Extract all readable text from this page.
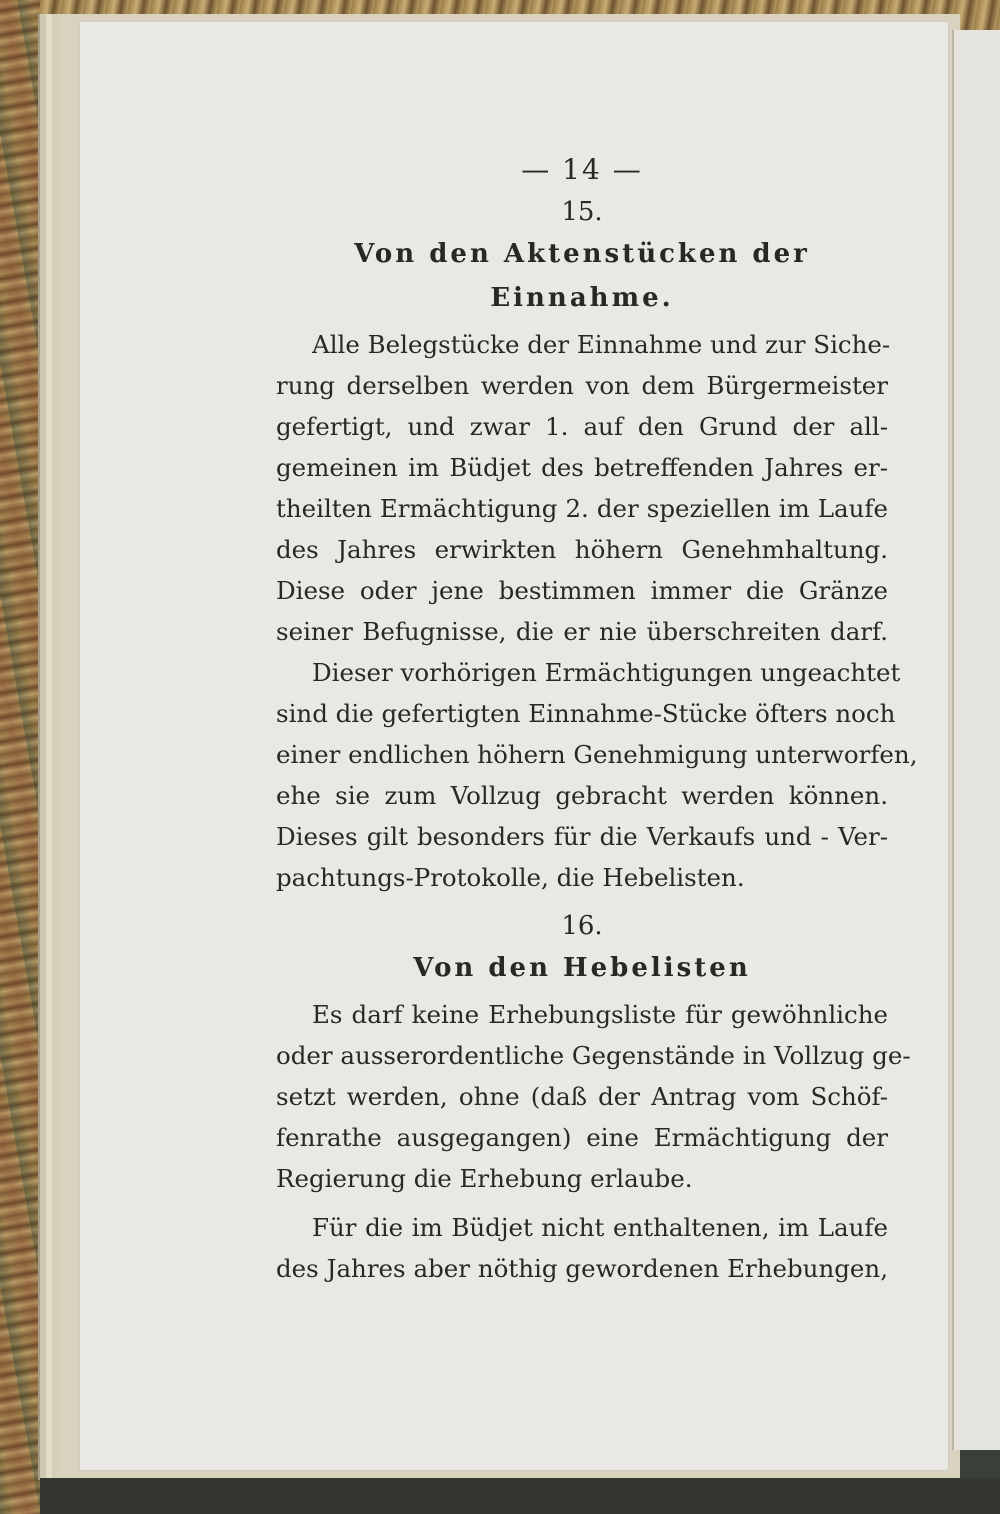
— 14 —
15.
Von den Aktenstücken der Einnahme.
Alle Belegstücke der Einnahme und zur Siche-
rung derselben werden von dem Bürgermeister
gefertigt, und zwar 1. auf den Grund der all-
gemeinen im Büdjet des betreffenden Jahres er-
theilten Ermächtigung 2. der speziellen im Laufe
des Jahres erwirkten höhern Genehmhaltung.
Diese oder jene bestimmen immer die Gränze
seiner Befugnisse, die er nie überschreiten darf.
Dieser vorhörigen Ermächtigungen ungeachtet
sind die gefertigten Einnahme-Stücke öfters noch
einer endlichen höhern Genehmigung unterworfen,
ehe sie zum Vollzug gebracht werden können.
Dieses gilt besonders für die Verkaufs und - Ver-
pachtungs-Protokolle, die Hebelisten.
16.
Von den Hebelisten
Es darf keine Erhebungsliste für gewöhnliche
oder ausserordentliche Gegenstände in Vollzug ge-
setzt werden, ohne (daß der Antrag vom Schöf-
fenrathe ausgegangen) eine Ermächtigung der
Regierung die Erhebung erlaube.
Für die im Büdjet nicht enthaltenen, im Laufe
des Jahres aber nöthig gewordenen Erhebungen,
